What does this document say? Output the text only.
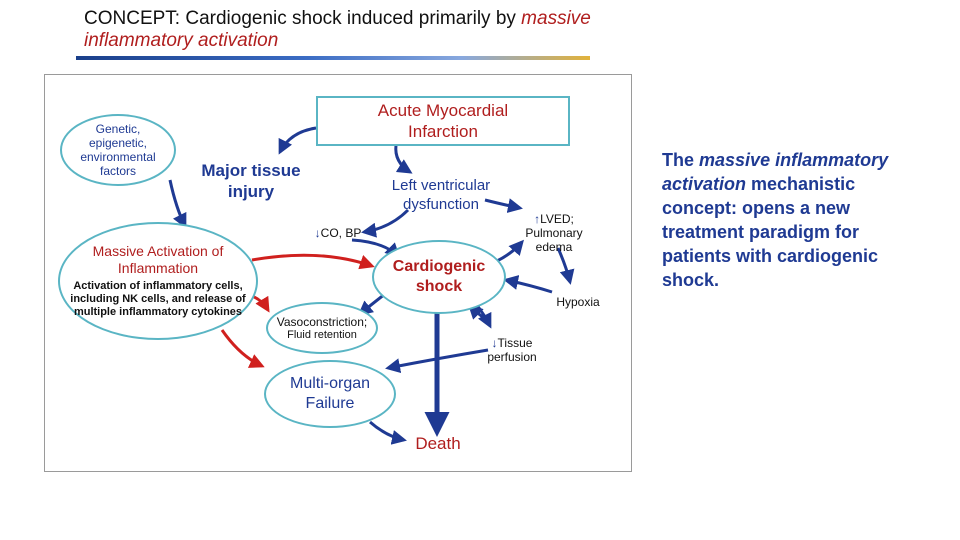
CONCEPT: Cardiogenic shock induced primarily by massive inflammatory activation
Acute Myocardial Infarction
Genetic, epigenetic, environmental factors	Major tissue injury	Left ventricular dysfunction
↓CO, BP
↑LVED; Pulmonary edema
Massive Activation of Inflammation
Activation of inflammatory cells, including NK cells, and release of multiple inflammatory cytokines
Cardiogenic shock
Hypoxia
Vasoconstriction;
Fluid retention
↓Tissue
perfusion
Multi-organ Failure
Death
The massive inflammatory activation mechanistic concept: opens a new treatment paradigm for patients with cardiogenic shock.
